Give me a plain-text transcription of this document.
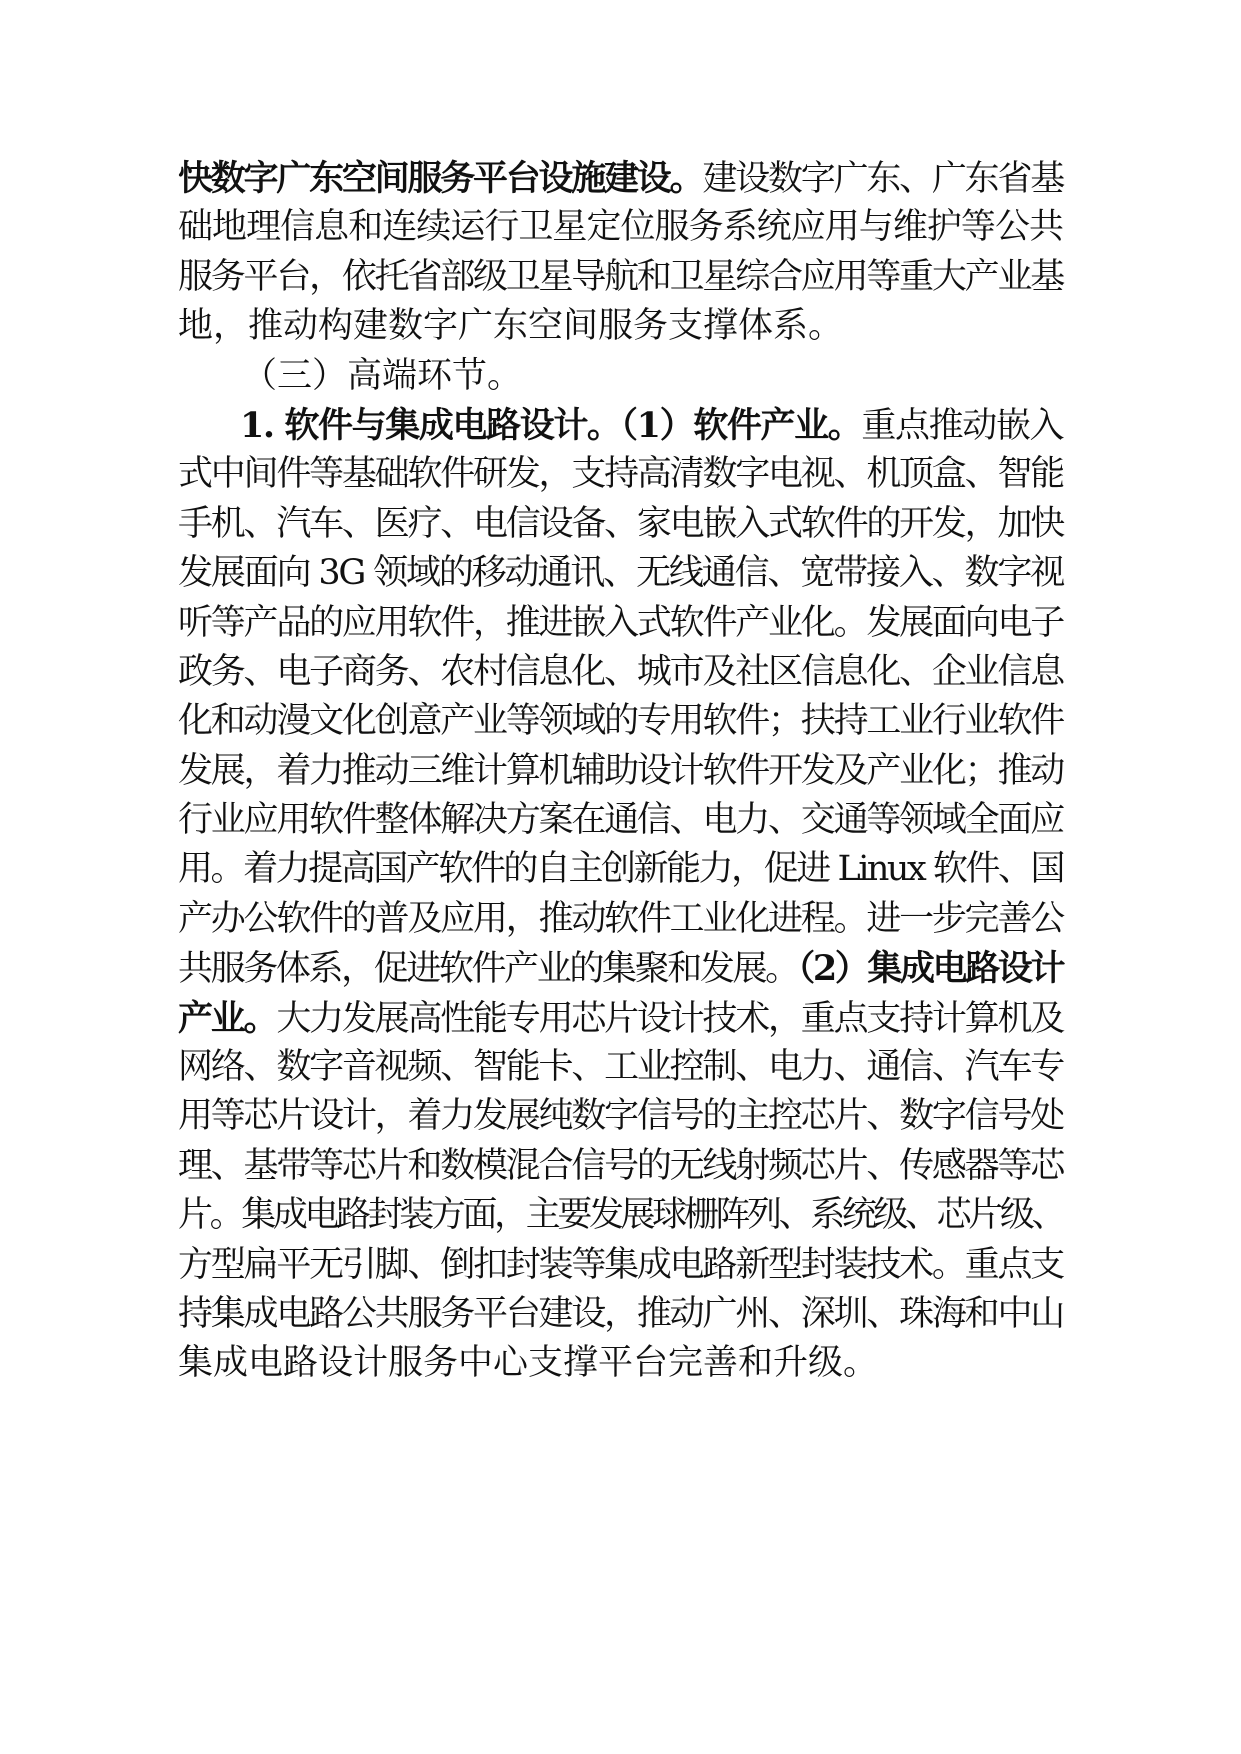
快数字广东空间服务平台设施建设。建设数字广东、广东省基
础地理信息和连续运行卫星定位服务系统应用与维护等公共
服务平台，依托省部级卫星导航和卫星综合应用等重大产业基
地，推动构建数字广东空间服务支撑体系。
（三）高端环节。
1. 软件与集成电路设计。（1）软件产业。重点推动嵌入
式中间件等基础软件研发，支持高清数字电视、机顶盒、智能
手机、汽车、医疗、电信设备、家电嵌入式软件的开发，加快
发展面向 3G 领域的移动通讯、无线通信、宽带接入、数字视
听等产品的应用软件，推进嵌入式软件产业化。发展面向电子
政务、电子商务、农村信息化、城市及社区信息化、企业信息
化和动漫文化创意产业等领域的专用软件；扶持工业行业软件
发展，着力推动三维计算机辅助设计软件开发及产业化；推动
行业应用软件整体解决方案在通信、电力、交通等领域全面应
用。着力提高国产软件的自主创新能力，促进 Linux 软件、国
产办公软件的普及应用，推动软件工业化进程。进一步完善公
共服务体系，促进软件产业的集聚和发展。（2）集成电路设计
产业。大力发展高性能专用芯片设计技术，重点支持计算机及
网络、数字音视频、智能卡、工业控制、电力、通信、汽车专
用等芯片设计，着力发展纯数字信号的主控芯片、数字信号处
理、基带等芯片和数模混合信号的无线射频芯片、传感器等芯
片。集成电路封装方面，主要发展球栅阵列、系统级、芯片级、
方型扁平无引脚、倒扣封装等集成电路新型封装技术。重点支
持集成电路公共服务平台建设，推动广州、深圳、珠海和中山
集成电路设计服务中心支撑平台完善和升级。
